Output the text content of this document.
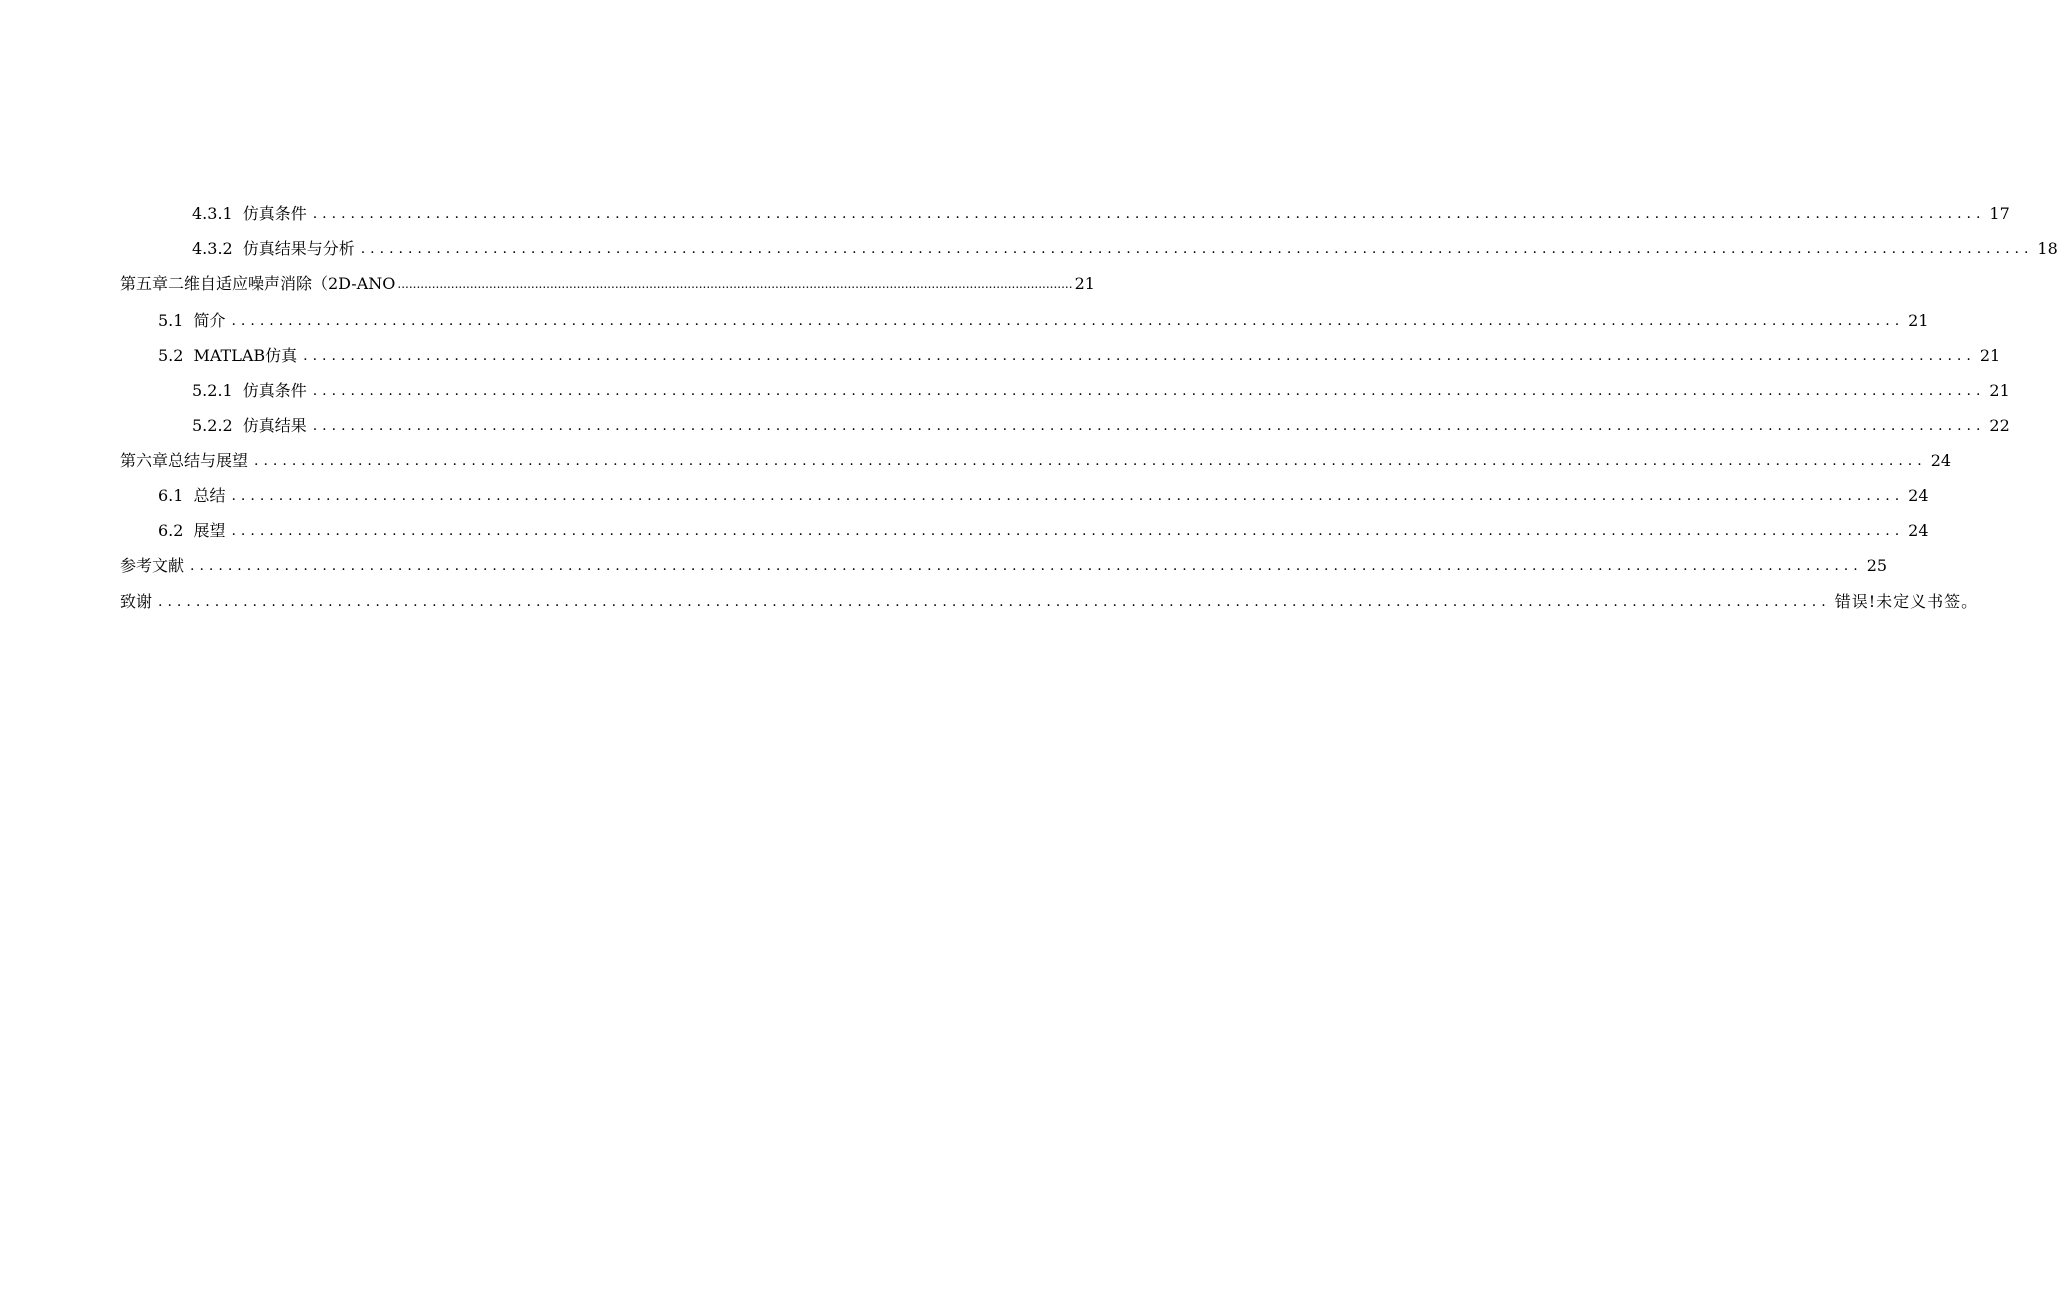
4.3.1 仿真条件 ................................................................................................................................................................................. 17
4.3.2 仿真结果与分析 ................................................................................................................................................................................. 18
第五章二维自适应噪声消除（2D-ANO ................................................................................................................................................................................. 21
5.1 简介 ................................................................................................................................................................................. 21
5.2 MATLAB仿真 ................................................................................................................................................................................. 21
5.2.1 仿真条件 ................................................................................................................................................................................. 21
5.2.2 仿真结果 ................................................................................................................................................................................. 22
第六章总结与展望 ................................................................................................................................................................................. 24
6.1 总结 ................................................................................................................................................................................. 24
6.2 展望 ................................................................................................................................................................................. 24
参考文献 ................................................................................................................................................................................. 25
致谢 ................................................................................................................................................................................. 错误!未定义书签。
